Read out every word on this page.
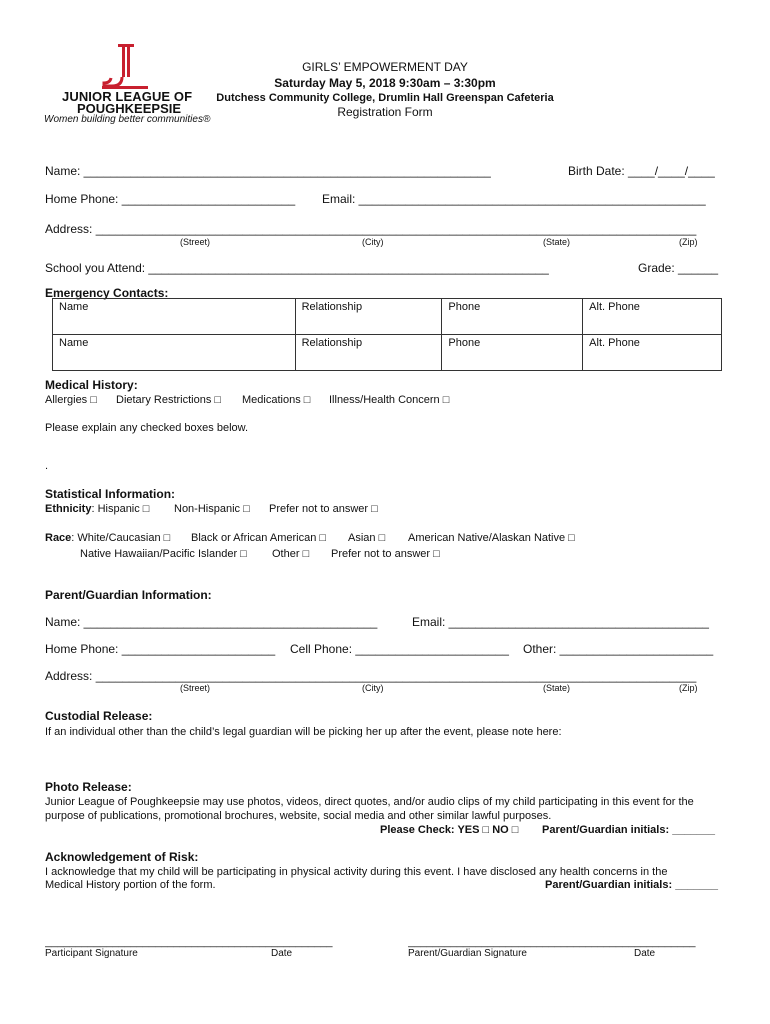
JUNIOR LEAGUE OF
POUGHKEEPSIE
Women building better communities®
GIRLS’ EMPOWERMENT DAY
Saturday May 5, 2018 9:30am – 3:30pm
Dutchess Community College, Drumlin Hall Greenspan Cafeteria
Registration Form
Name: _____________________________________________________________	Birth Date: ____/____/____
Home Phone: __________________________ Email: ____________________________________________________
Address: __________________________________________________________________________________________
(Street)	(City)	(State)	(Zip)
School you Attend: ____________________________________________________________	Grade: ______
Emergency Contacts:
Name	Relationship	Phone	Alt. Phone
Name	Relationship	Phone	Alt. Phone
Medical History:
Allergies □ Dietary Restrictions □ Medications □ Illness/Health Concern □
Please explain any checked boxes below.
.
Statistical Information:
Ethnicity: Hispanic □ Non-Hispanic □ Prefer not to answer □
Race: White/Caucasian □ Black or African American □ Asian □ American Native/Alaskan Native □
Native Hawaiian/Pacific Islander □ Other □ Prefer not to answer □
Parent/Guardian Information:
Name: ____________________________________________	Email: _______________________________________
Home Phone: _______________________ Cell Phone: _______________________ Other: _______________________
Address: __________________________________________________________________________________________
(Street)	(City)	(State)	(Zip)
Custodial Release:
If an individual other than the child’s legal guardian will be picking her up after the event, please note here:
Photo Release:
Junior League of Poughkeepsie may use photos, videos, direct quotes, and/or audio clips of my child participating in this event for the
purpose of publications, promotional brochures, website, social media and other similar lawful purposes.
Please Check: YES □ NO □ Parent/Guardian initials: _______
Acknowledgement of Risk:
I acknowledge that my child will be participating in physical activity during this event. I have disclosed any health concerns in the
Medical History portion of the form.	Parent/Guardian initials: _______
_______________________________________________	_______________________________________________
Participant Signature	Date	Parent/Guardian Signature	Date
